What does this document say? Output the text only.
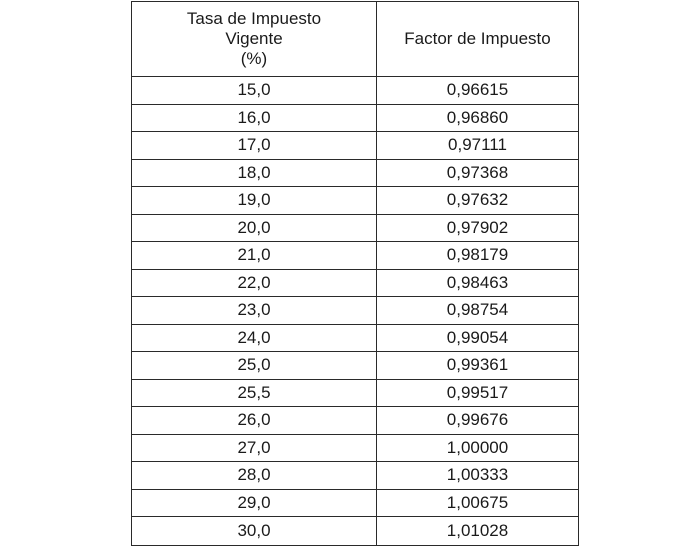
Tasa de Impuesto
Vigente
(%)	Factor de Impuesto
15,0	0,96615
16,0	0,96860
17,0	0,97111
18,0	0,97368
19,0	0,97632
20,0	0,97902
21,0	0,98179
22,0	0,98463
23,0	0,98754
24,0	0,99054
25,0	0,99361
25,5	0,99517
26,0	0,99676
27,0	1,00000
28,0	1,00333
29,0	1,00675
30,0	1,01028
